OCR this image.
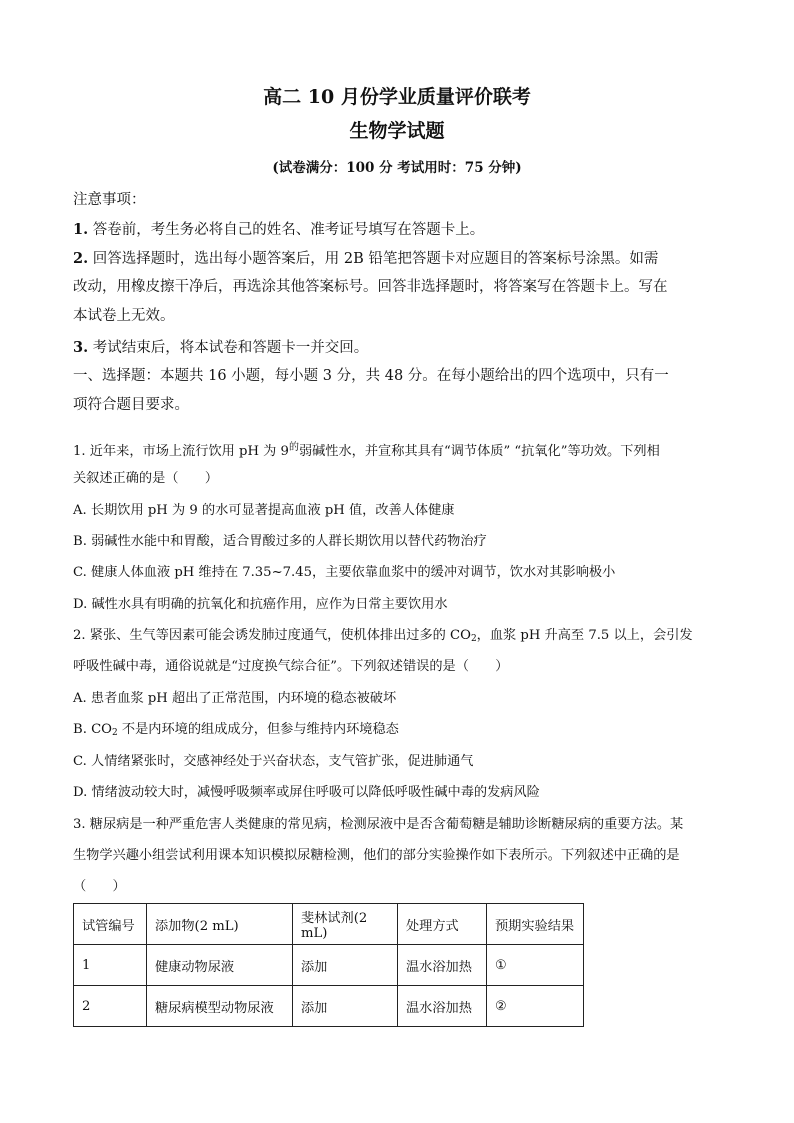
高二 10 月份学业质量评价联考
生物学试题
(试卷满分：100 分 考试用时：75 分钟)
注意事项：
1. 答卷前，考生务必将自己的姓名、准考证号填写在答题卡上。
2. 回答选择题时，选出每小题答案后，用 2B 铅笔把答题卡对应题目的答案标号涂黑。如需
改动，用橡皮擦干净后，再选涂其他答案标号。回答非选择题时，将答案写在答题卡上。写在
本试卷上无效。
3. 考试结束后，将本试卷和答题卡一并交回。
一、选择题：本题共 16 小题，每小题 3 分，共 48 分。在每小题给出的四个选项中，只有一
项符合题目要求。
1. 近年来，市场上流行饮用 pH 为 $9^的$弱碱性水，并宣称其具有“调节体质” “抗氧化”等功效。下列相
关叙述正确的是（　　）
A. 长期饮用 pH 为 9 的水可显著提高血液 pH 值，改善人体健康
B. 弱碱性水能中和胃酸，适合胃酸过多的人群长期饮用以替代药物治疗
C. 健康人体血液 pH 维持在 7.35~7.45，主要依靠血浆中的缓冲对调节，饮水对其影响极小
D. 碱性水具有明确的抗氧化和抗癌作用，应作为日常主要饮用水
2. 紧张、生气等因素可能会诱发肺过度通气，使机体排出过多的 $CO_2$，血浆 pH 升高至 7.5 以上，会引发
呼吸性碱中毒，通俗说就是“过度换气综合征”。下列叙述错误的是（　　）
A. 患者血浆 pH 超出了正常范围，内环境的稳态被破坏
B. $CO_2$ 不是内环境的组成成分，但参与维持内环境稳态
C. 人情绪紧张时，交感神经处于兴奋状态，支气管扩张，促进肺通气
D. 情绪波动较大时，减慢呼吸频率或屏住呼吸可以降低呼吸性碱中毒的发病风险
3. 糖尿病是一种严重危害人类健康的常见病，检测尿液中是否含葡萄糖是辅助诊断糖尿病的重要方法。某
生物学兴趣小组尝试利用课本知识模拟尿糖检测，他们的部分实验操作如下表所示。下列叙述中正确的是
（　　）
试管编号	添加物(2 mL)	斐林试剂(2 mL)	处理方式	预期实验结果
1	健康动物尿液	添加	温水浴加热	①
2	糖尿病模型动物尿液	添加	温水浴加热	②
